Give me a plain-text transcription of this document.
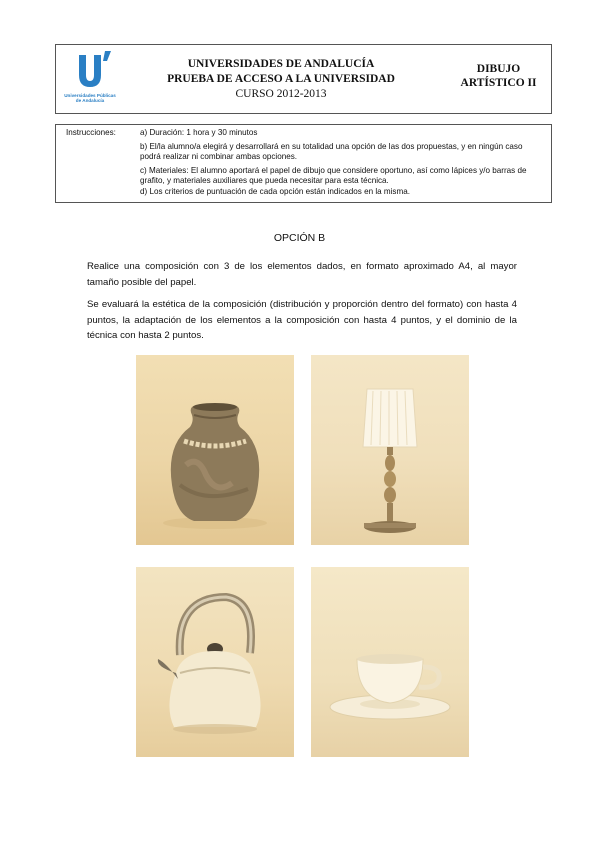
Universidades Públicas
de Andalucía
UNIVERSIDADES DE ANDALUCÍA
PRUEBA DE ACCESO A LA UNIVERSIDAD
CURSO 2012-2013
DIBUJO
ARTÍSTICO II
Instrucciones:	a) Duración: 1 hora y 30 minutos

b) El/la alumno/a elegirá y desarrollará en su totalidad una opción de las dos propuestas, y en ningún caso podrá realizar ni combinar ambas opciones.

c) Materiales: El alumno aportará el papel de dibujo que considere oportuno, así como lápices y/o barras de grafito, y materiales auxiliares que pueda necesitar para esta técnica.

d) Los criterios de puntuación de cada opción están indicados en la misma.

OPCIÓN B

Realice una composición con 3 de los elementos dados, en formato aproximado A4, al mayor tamaño posible del papel.

Se evaluará la estética de la composición (distribución y proporción dentro del formato) con hasta 4 puntos, la adaptación de los elementos a la composición con hasta 4 puntos, y el dominio de la técnica con hasta 2 puntos.
